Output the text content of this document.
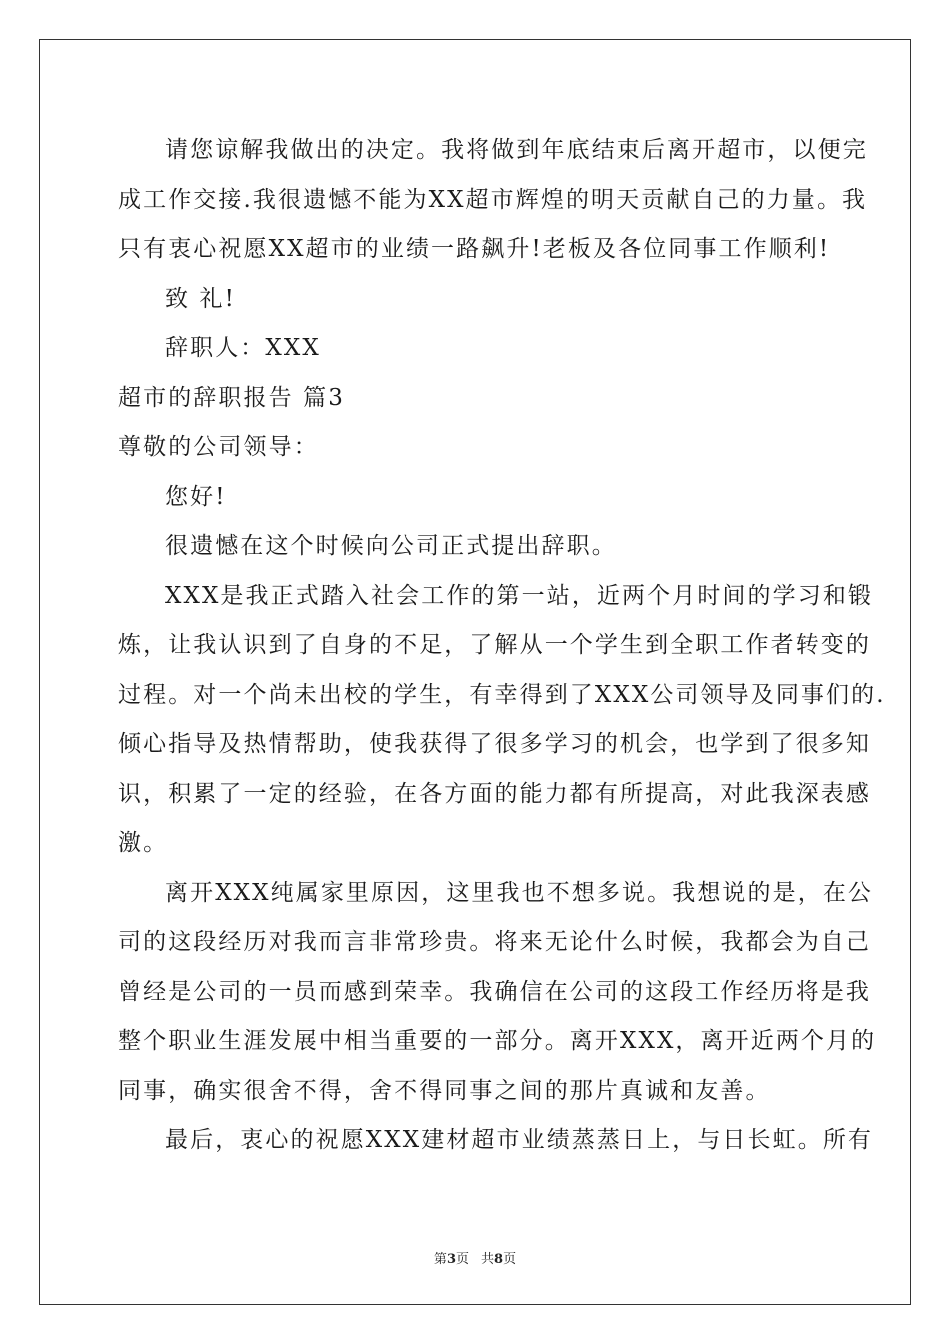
请您谅解我做出的决定。我将做到年底结束后离开超市，以便完
成工作交接.我很遗憾不能为XX超市辉煌的明天贡献自己的力量。我
只有衷心祝愿XX超市的业绩一路飙升!老板及各位同事工作顺利!
致 礼!
辞职人：XXX
超市的辞职报告 篇3
尊敬的公司领导：
您好!
很遗憾在这个时候向公司正式提出辞职。
XXX是我正式踏入社会工作的第一站，近两个月时间的学习和锻
炼，让我认识到了自身的不足，了解从一个学生到全职工作者转变的
过程。对一个尚未出校的学生，有幸得到了XXX公司领导及同事们的.
倾心指导及热情帮助，使我获得了很多学习的机会，也学到了很多知
识，积累了一定的经验，在各方面的能力都有所提高，对此我深表感
激。
离开XXX纯属家里原因，这里我也不想多说。我想说的是，在公
司的这段经历对我而言非常珍贵。将来无论什么时候，我都会为自己
曾经是公司的一员而感到荣幸。我确信在公司的这段工作经历将是我
整个职业生涯发展中相当重要的一部分。离开XXX，离开近两个月的
同事，确实很舍不得，舍不得同事之间的那片真诚和友善。
最后，衷心的祝愿XXX建材超市业绩蒸蒸日上，与日长虹。所有
第3页 共8页
